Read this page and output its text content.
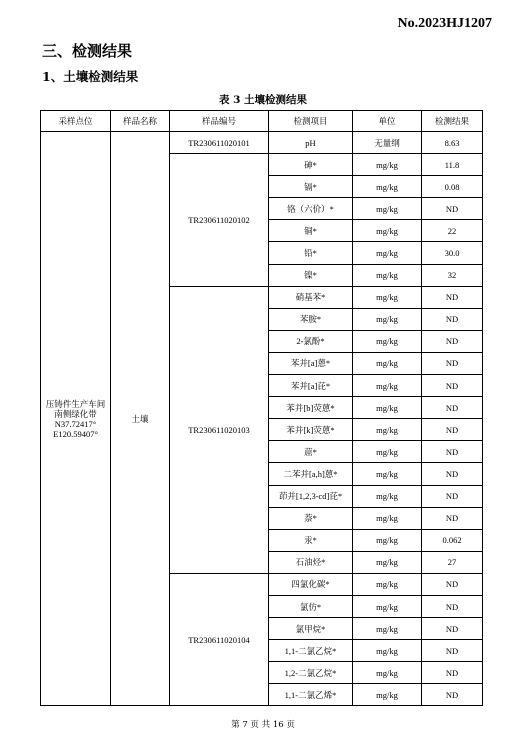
No.2023HJ1207
三、检测结果
1、土壤检测结果
表 3 土壤检测结果
采样点位	样品名称	样品编号	检测项目	单位	检测结果

压铸件生产车间
南侧绿化带
N37.72417°
E120.59407°	土壤	TR230611020101	pH	无量纲	8.63
		TR230611020102	砷*	mg/kg	11.8
			镉*	mg/kg	0.08
			铬（六价）*	mg/kg	ND
			铜*	mg/kg	22
			铅*	mg/kg	30.0
			镍*	mg/kg	32
		TR230611020103	硝基苯*	mg/kg	ND
			苯胺*	mg/kg	ND
			2-氯酚*	mg/kg	ND
			苯并[a]蒽*	mg/kg	ND
			苯并[a]芘*	mg/kg	ND
			苯并[b]荧蒽*	mg/kg	ND
			苯并[k]荧蒽*	mg/kg	ND
			䓛*	mg/kg	ND
			二苯并[a,h]蒽*	mg/kg	ND
			茚并[1,2,3-cd]芘*	mg/kg	ND
			萘*	mg/kg	ND
			汞*	mg/kg	0.062
			石油烃*	mg/kg	27
		TR230611020104	四氯化碳*	mg/kg	ND
			氯仿*	mg/kg	ND
			氯甲烷*	mg/kg	ND
			1,1-二氯乙烷*	mg/kg	ND
			1,2-二氯乙烷*	mg/kg	ND
			1,1-二氯乙烯*	mg/kg	ND
第 7 页 共 16 页
